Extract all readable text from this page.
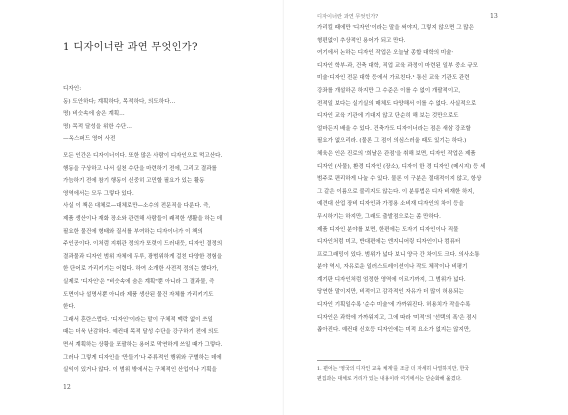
1 디자이너란 과연 무엇인가?
디자인:
동) 도안하다; 계획하다, 목적하다, 의도하다…
명) 비슷속에 숨은 계획…
명) 목적 달성을 위한 수단…
—옥스퍼드 영어 사전
모든 인간은 디자이너이다. 또한 많은 사람이 디자인으로 먹고산다.
행동을 구상하고 나서 실천 수단을 마련하기 전에, 그리고 결과를
가늠하기 전에 참기 행동이 신중히 고민할 필요가 있는 활동
영역에서는 모두 그렇다 있다.
사실 이 책은 대체로—대체로만—소수의 전문직을 다룬다. 즉,
제품 생산이나 재화 장소와 관련해 사람들이 쾌적한 생활을 하는 데
필요한 물건에 형태와 질서를 부여하는 디자이너가 이 책의
주인공이다. 이처럼 지휘관 정의가 또렷이 드러내듯, 디자인 결정의
결과물과 디자인 범위 자체에 두루, 광범위하게 걸친 다양한 경험을
한 단어로 가리키기는 어렵다. 하여 소개한 사전적 정의는 했다가,
실제로 '디자인'은 "비슷속에 숨은 계획"뿐 아니라 그 결과물, 즉
도면이나 설명서뿐 아니라 제품 생산된 물건 자체를 가리키기도
한다.
그래서 혼란스럽다. '디자인'이라는 말이 구체적 맥락 없이 쓰일
때는 더욱 난감하다. 예컨대 목적 달성 수단을 강구하기 전에 의도
면서 계획하는 상황을 포괄하는 용어로 막연하게 쓰일 때가 그렇다.
그러나 그렇게 디자인을 '만들기'나 주류적인 행위와 구별하는 데에
실익이 있거나 않다. 이 범위 밖에서는 구체적인 산업이나 기획을
12
디자이너란 과연 무엇인가?	13
가리킬 때에만 '디자인'이라는 말을 써야지, 그렇지 않으면 그 많은
형편없이 추상적인 용어가 되고 만다.
여기에서 논하는 디자인 작업은 오늘날 종합 대학의 미술·
디자인 학부-과, 건축 대학, 직업 교육 과정이 마련된 일부 중소 규모
미술·디자인 전문 대학 등에서 가르친다.¹ 통신 교육 기관도 관련
강좌를 개설하곤 하지만 그 수준은 이를 수 없이 개괄적이고,
전적일 보다는 실기실의 매체도 다양해서 이를 수 없다. 사실적으로
디자인 교육 기관에 기대지 않고 단순히 해 보는 것만으로도
얼마든지 배울 수 있다. 건축가도 디자이너라는 점은 새삼 강조할
필요가 없으리라. (물론 그 점이 의심스러울 때도 있기는 하다.)
체육은 인은 진로의 '희날은 관점'을 취해 보면, 디자인 작업은 제품
디자인 (사물), 환경 디자인 (장소), 디자이 한 경 디자인 (메시지) 등 세
범주로 편리하게 나눌 수 있다. 물론 이 구분은 절대적이지 않고, 항상
그 같은 이름으로 불리지도 않는다. 이 분류법은 디자 비재한 하지,
예견대 산업 장비 디자인과 가정용 소비재 디자인의 차이 등을
무시하기는 하지만, 그래도 출발점으로는 좀 만하다.
제품 디자인 분야를 보면, 한편에는 도자기 디자인이나 직물
디자인처럼 미고, 반대편에는 엔지니어링 디자인이나 컴퓨터
프로그래밍이 있다. 범위가 넓다 보니 양극 간 차이도 크다. 의사소통
분야 역시, 자유로운 일러스트레이션이나 작도 체작이나 비평기
계기판 디자인처럼 엄정한 영역에 이르기까지, 그 범위가 넓다.
당연한 말이지만, 비적이고 감각적인 자유가 더 많이 허용되는
디자인 기획일수록 '순수 미술'에 가까워진다. 허용치가 작을수록
디자인은 과학에 가까워지고, 그에 따라 '미적'의 '선택의 폭'은 점시
좁아진다. 예컨대 신호등 디자인에는 미적 요소가 없지는 않지만,
1. 편어는 '영국의 디자인 교육 체계'를 조금 더 자세히 나열하지만, 한국
편집과는 대체로 거리가 있는 내용이라 여기에서는 단순화해 옮겼다.
